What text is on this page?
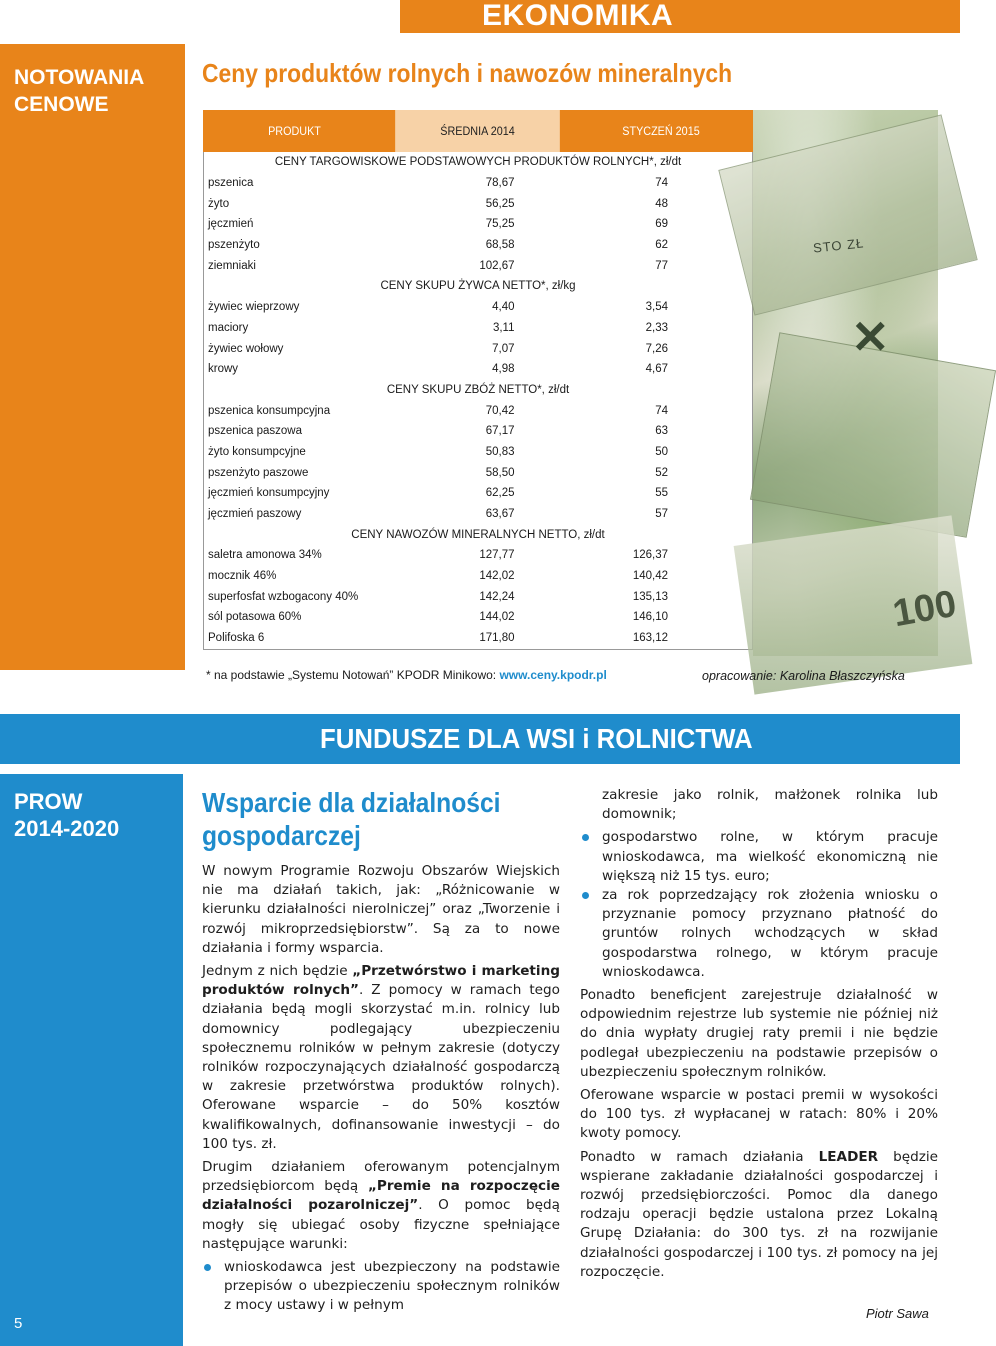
EKONOMIKA
NOTOWANIA CENOWE
Ceny produktów rolnych i nawozów mineralnych
PRODUKT	ŚREDNIA 2014	STYCZEŃ 2015
CENY TARGOWISKOWE PODSTAWOWYCH PRODUKTÓW ROLNYCH*, zł/dt
pszenica	78,67	74
żyto	56,25	48
jęczmień	75,25	69
pszenżyto	68,58	62
ziemniaki	102,67	77
CENY SKUPU ŻYWCA NETTO*, zł/kg
żywiec wieprzowy	4,40	3,54
maciory	3,11	2,33
żywiec wołowy	7,07	7,26
krowy	4,98	4,67
CENY SKUPU ZBÓŻ NETTO*, zł/dt
pszenica konsumpcyjna	70,42	74
pszenica paszowa	67,17	63
żyto konsumpcyjne	50,83	50
pszenżyto paszowe	58,50	52
jęczmień konsumpcyjny	62,25	55
jęczmień paszowy	63,67	57
CENY NAWOZÓW MINERALNYCH NETTO, zł/dt
saletra amonowa 34%	127,77	126,37
mocznik 46%	142,02	140,42
superfosfat wzbogacony 40%	142,24	135,13
sól potasowa 60%	144,02	146,10
Polifoska 6	171,80	163,12
STO ZŁ
✕
100
* na podstawie „Systemu Notowań” KPODR Minikowo: www.ceny.kpodr.pl	opracowanie: Karolina Błaszczyńska
FUNDUSZE DLA WSI i ROLNICTWA
PROW
2014-2020
5
Wsparcie dla działalności gospodarczej

W nowym Programie Rozwoju Obszarów Wiejskich nie ma działań takich, jak: „Różnicowanie w kierunku działalności nierolniczej” oraz „Tworzenie i rozwój mikroprzedsiębiorstw”. Są za to nowe działania i formy wsparcia.

Jednym z nich będzie „Przetwórstwo i marketing produktów rolnych”. Z pomocy w ramach tego działania będą mogli skorzystać m.in. rolnicy lub domownicy podlegający ubezpieczeniu społecznemu rolników w pełnym zakresie (dotyczy rolników rozpoczynających działalność gospodarczą w zakresie przetwórstwa produktów rolnych). Oferowane wsparcie – do 50% kosztów kwalifikowalnych, dofinansowanie inwestycji – do 100 tys. zł.

Drugim działaniem oferowanym potencjalnym przedsiębiorcom będą „Premie na rozpoczęcie działalności pozarolniczej”. O pomoc będą mogły się ubiegać osoby fizyczne spełniające następujące warunki:

wnioskodawca jest ubezpieczony na podstawie przepisów o ubezpieczeniu społecznym rolników z mocy ustawy i w pełnym

zakresie jako rolnik, małżonek rolnika lub domownik;

gospodarstwo rolne, w którym pracuje wnioskodawca, ma wielkość ekonomiczną nie większą niż 15 tys. euro;
za rok poprzedzający rok złożenia wniosku o przyznanie pomocy przyznano płatność do gruntów rolnych wchodzących w skład gospodarstwa rolnego, w którym pracuje wnioskodawca.

Ponadto beneficjent zarejestruje działalność w odpowiednim rejestrze lub systemie nie później niż do dnia wypłaty drugiej raty premii i nie będzie podlegał ubezpieczeniu na podstawie przepisów o ubezpieczeniu społecznym rolników.

Oferowane wsparcie w postaci premii w wysokości do 100 tys. zł wypłacanej w ratach: 80% i 20% kwoty pomocy.

Ponadto w ramach działania LEADER będzie wspierane zakładanie działalności gospodarczej i rozwój przedsiębiorczości. Pomoc dla danego rodzaju operacji będzie ustalona przez Lokalną Grupę Działania: do 300 tys. zł na rozwijanie działalności gospodarczej i 100 tys. zł pomocy na jej rozpoczęcie.

Piotr Sawa
